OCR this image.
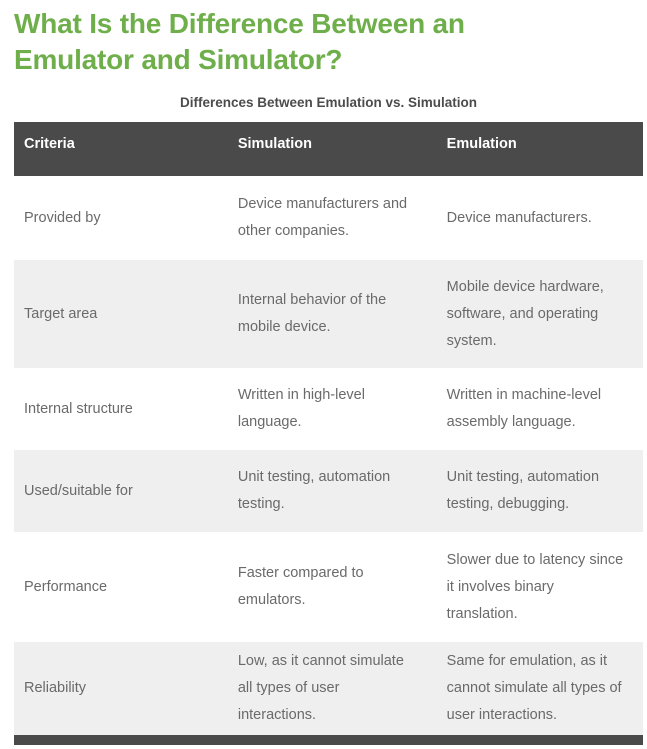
What Is the Difference Between an Emulator and Simulator?
Differences Between Emulation vs. Simulation
Criteria	Simulation	Emulation
Provided by	Device manufacturers and other companies.	Device manufacturers.
Target area	Internal behavior of the mobile device.	Mobile device hardware, software, and operating system.
Internal structure	Written in high-level language.	Written in machine-level assembly language.
Used/suitable for	Unit testing, automation testing.	Unit testing, automation testing, debugging.
Performance	Faster compared to emulators.	Slower due to latency since it involves binary translation.
Reliability	Low, as it cannot simulate all types of user interactions.	Same for emulation, as it cannot simulate all types of user interactions.
